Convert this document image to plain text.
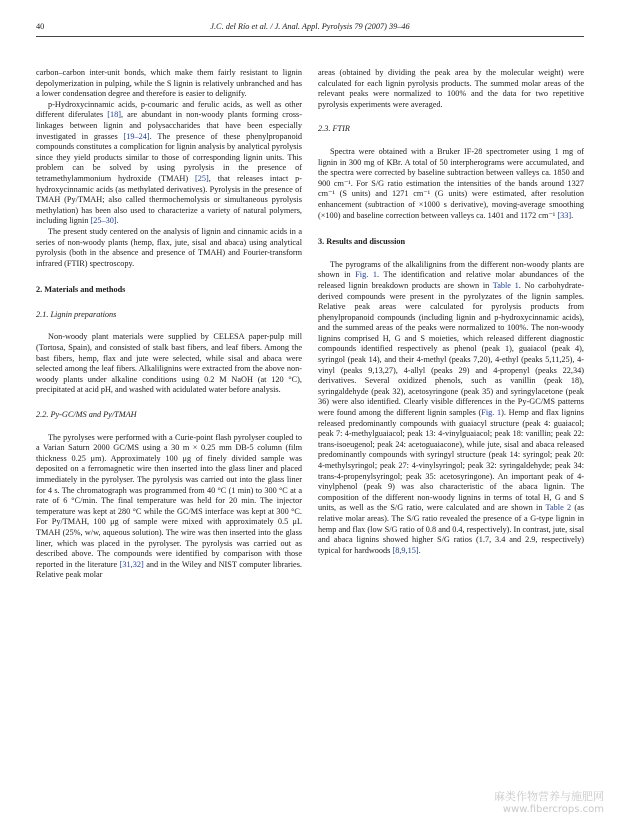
40	J.C. del Río et al. / J. Anal. Appl. Pyrolysis 79 (2007) 39–46

carbon–carbon inter-unit bonds, which make them fairly resistant to lignin depolymerization in pulping, while the S lignin is relatively unbranched and has a lower condensation degree and therefore is easier to delignify.

p-Hydroxycinnamic acids, p-coumaric and ferulic acids, as well as other different diferulates [18], are abundant in non-woody plants forming cross-linkages between lignin and polysaccharides that have been especially investigated in grasses [19–24]. The presence of these phenylpropanoid compounds constitutes a complication for lignin analysis by analytical pyrolysis since they yield products similar to those of corresponding lignin units. This problem can be solved by using pyrolysis in the presence of tetramethylammonium hydroxide (TMAH) [25], that releases intact p-hydroxycinnamic acids (as methylated derivatives). Pyrolysis in the presence of TMAH (Py/TMAH; also called thermochemolysis or simultaneous pyrolysis methylation) has been also used to characterize a variety of natural polymers, including lignin [25–30].

The present study centered on the analysis of lignin and cinnamic acids in a series of non-woody plants (hemp, flax, jute, sisal and abaca) using analytical pyrolysis (both in the absence and presence of TMAH) and Fourier-transform infrared (FTIR) spectroscopy.

2. Materials and methods

2.1. Lignin preparations

Non-woody plant materials were supplied by CELESA paper-pulp mill (Tortosa, Spain), and consisted of stalk bast fibers, and leaf fibers. Among the bast fibers, hemp, flax and jute were selected, while sisal and abaca were selected among the leaf fibers. Alkalilignins were extracted from the above non-woody plants under alkaline conditions using 0.2 M NaOH (at 120 °C), precipitated at acid pH, and washed with acidulated water before analysis.

2.2. Py-GC/MS and Py/TMAH

The pyrolyses were performed with a Curie-point flash pyrolyser coupled to a Varian Saturn 2000 GC/MS using a 30 m × 0.25 mm DB-5 column (film thickness 0.25 μm). Approximately 100 μg of finely divided sample was deposited on a ferromagnetic wire then inserted into the glass liner and placed immediately in the pyrolyser. The pyrolysis was carried out into the glass liner for 4 s. The chromatograph was programmed from 40 °C (1 min) to 300 °C at a rate of 6 °C/min. The final temperature was held for 20 min. The injector temperature was kept at 280 °C while the GC/MS interface was kept at 300 °C. For Py/TMAH, 100 μg of sample were mixed with approximately 0.5 μL TMAH (25%, w/w, aqueous solution). The wire was then inserted into the glass liner, which was placed in the pyrolyser. The pyrolysis was carried out as described above. The compounds were identified by comparison with those reported in the literature [31,32] and in the Wiley and NIST computer libraries. Relative peak molar

areas (obtained by dividing the peak area by the molecular weight) were calculated for each lignin pyrolysis products. The summed molar areas of the relevant peaks were normalized to 100% and the data for two repetitive pyrolysis experiments were averaged.

2.3. FTIR

Spectra were obtained with a Bruker IF-28 spectrometer using 1 mg of lignin in 300 mg of KBr. A total of 50 interpherograms were accumulated, and the spectra were corrected by baseline subtraction between valleys ca. 1850 and 900 cm⁻¹. For S/G ratio estimation the intensities of the bands around 1327 cm⁻¹ (S units) and 1271 cm⁻¹ (G units) were estimated, after resolution enhancement (subtraction of ×1000 s derivative), moving-average smoothing (×100) and baseline correction between valleys ca. 1401 and 1172 cm⁻¹ [33].

3. Results and discussion

The pyrograms of the alkalilignins from the different non-woody plants are shown in Fig. 1. The identification and relative molar abundances of the released lignin breakdown products are shown in Table 1. No carbohydrate-derived compounds were present in the pyrolyzates of the lignin samples. Relative peak areas were calculated for pyrolysis products from phenylpropanoid compounds (including lignin and p-hydroxycinnamic acids), and the summed areas of the peaks were normalized to 100%. The non-woody lignins comprised H, G and S moieties, which released different diagnostic compounds identified respectively as phenol (peak 1), guaiacol (peak 4), syringol (peak 14), and their 4-methyl (peaks 7,20), 4-ethyl (peaks 5,11,25), 4-vinyl (peaks 9,13,27), 4-allyl (peaks 29) and 4-propenyl (peaks 22,34) derivatives. Several oxidized phenols, such as vanillin (peak 18), syringaldehyde (peak 32), acetosyringone (peak 35) and syringylacetone (peak 36) were also identified. Clearly visible differences in the Py-GC/MS patterns were found among the different lignin samples (Fig. 1). Hemp and flax lignins released predominantly compounds with guaiacyl structure (peak 4: guaiacol; peak 7: 4-methylguaiacol; peak 13: 4-vinylguaiacol; peak 18: vanillin; peak 22: trans-isoeugenol; peak 24: acetoguaiacone), while jute, sisal and abaca released predominantly compounds with syringyl structure (peak 14: syringol; peak 20: 4-methylsyringol; peak 27: 4-vinylsyringol; peak 32: syringaldehyde; peak 34: trans-4-propenylsyringol; peak 35: acetosyringone). An important peak of 4-vinylphenol (peak 9) was also characteristic of the abaca lignin. The composition of the different non-woody lignins in terms of total H, G and S units, as well as the S/G ratio, were calculated and are shown in Table 2 (as relative molar areas). The S/G ratio revealed the presence of a G-type lignin in hemp and flax (low S/G ratio of 0.8 and 0.4, respectively). In contrast, jute, sisal and abaca lignins showed higher S/G ratios (1.7, 3.4 and 2.9, respectively) typical for hardwoods [8,9,15].

麻类作物营养与施肥网
www.fibercrops.com
